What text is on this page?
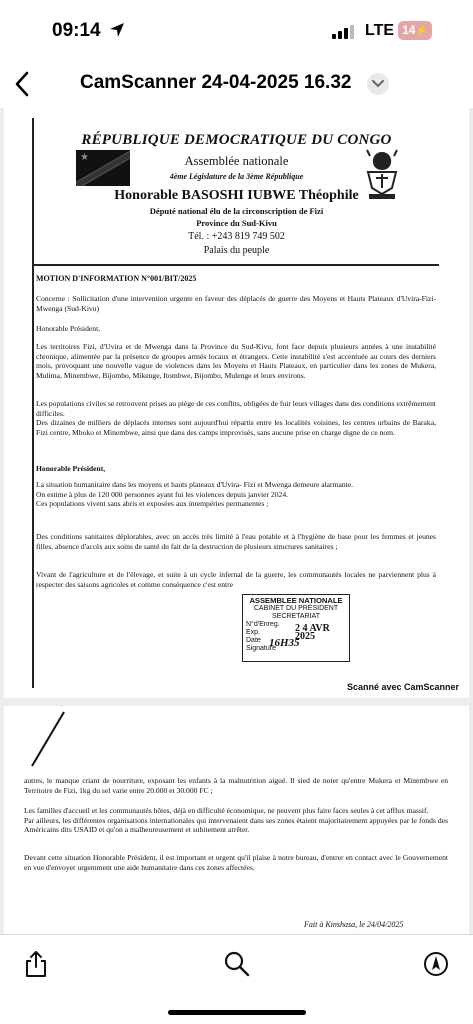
09:14	LTE 14⚡
CamScanner 24-04-2025 16.32
★
RÉPUBLIQUE DEMOCRATIQUE DU CONGO
Assemblée nationale
4ème Législature de la 3ème République
Honorable BASOSHI IUBWE Théophile
Député national élu de la circonscription de Fizi
Province du Sud-Kivu
Tél. : +243 819 749 502
Palais du peuple
MOTION D'INFORMATION N°001/BIT/2025
Concerne : Sollicitation d'une intervention urgente en faveur des déplacés de guerre des Moyens et Hauts Plateaux d'Uvira-Fizi-Mwenga (Sud-Kivu)
Honorable Président,
Les territoires Fizi, d'Uvira et de Mwenga dans la Province du Sud-Kivu, font face depuis plusieurs années à une instabilité chronique, alimentée par la présence de groupes armés locaux et étrangers. Cette instabilité s'est accentuée au cours des derniers mois, provoquant une nouvelle vague de violences dans les Moyens et Hauts Plateaux, en particulier dans les zones de Mukera, Mulima, Minembwe, Bijombo, Mikenge, Itombwe, Bijombo, Mulenge et leurs environs.
Les populations civiles se retrouvent prises au piège de ces conflits, obligées de fuir leurs villages dans des conditions extrêmement difficiles.
Des dizaines de milliers de déplacés internes sont aujourd'hui répartis entre les localités voisines, les centres urbains de Baraka, Fizi centre, Mboko et Minembwe, ainsi que dans des camps improvisés, sans aucune prise en charge digne de ce nom.
Honorable Président,
La situation humanitaire dans les moyens et hauts plateaux d'Uvira- Fizi et Mwenga demeure alarmante.
On estime à plus de 120 000 personnes ayant fui les violences depuis janvier 2024.
Ces populations vivent sans abris et exposées aux intempéries permanentes ;
Des conditions sanitaires déplorables, avec un accès très limité à l'eau potable et à l'hygiène de base pour les femmes et jeunes filles, absence d'accès aux soins de santé du fait de la destruction de plusieurs structures sanitaires ;
Vivant de l'agriculture et de l'élevage, et suite à un cycle infernal de la guerre, les communautés locales ne parviennent plus à respecter des saisons agricoles et comme conséquence c'est entre
ASSEMBLEE NATIONALE
CABINET DU PRÉSIDENT
SECRETARIAT
N°d'Enreg.
Exp.
Date
Signature
2 4 AVR 2025
16H35
Scanné avec CamScanner
autres, le manque criant de nourriture, exposant les enfants à la malnutrition aiguë. Il sied de noter qu'entre Mukera et Minembwe en Territoire de Fizi, 1kg du sel varie entre 20.000 et 30.000 FC ;
Les familles d'accueil et les communautés hôtes, déjà en difficulté économique, ne peuvent plus faire faces seules à cet afflux massif.
Par ailleurs, les différentes organisations internationales qui intervenaient dans ses zones étaient majoritairement appuyées par le fonds des Américains dits USAID et qu'on a malheureusement et subitement arrêter.
Devant cette situation Honorable Président, il est important et urgent qu'il plaise à notre bureau, d'entrer en contact avec le Gouvernement en vue d'envoyer urgemment une aide humanitaire dans ces zones affectées.
Fait à Kinshasa, le 24/04/2025
